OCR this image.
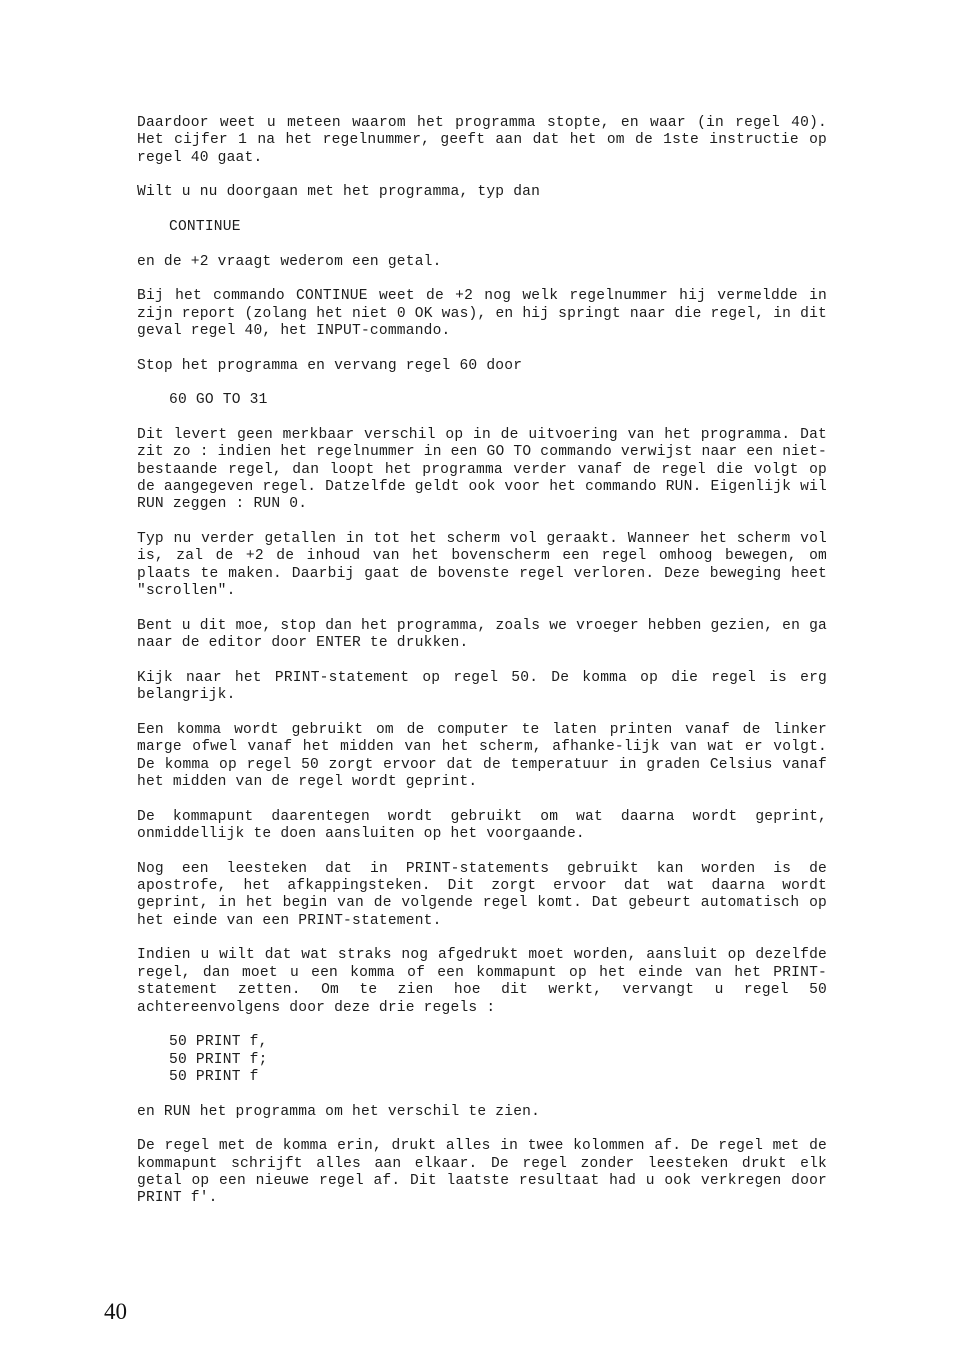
Daardoor weet u meteen waarom het programma stopte, en waar (in regel 40). Het cijfer 1 na het regelnummer, geeft aan dat het om de 1ste instructie op regel 40 gaat.

Wilt u nu doorgaan met het programma, typ dan

CONTINUE

en de +2 vraagt wederom een getal.

Bij het commando CONTINUE weet de +2 nog welk regelnummer hij vermeldde in zijn report (zolang het niet 0 OK was), en hij springt naar die regel, in dit geval regel 40, het INPUT-commando.

Stop het programma en vervang regel 60 door

60 GO TO 31

Dit levert geen merkbaar verschil op in de uitvoering van het programma. Dat zit zo : indien het regelnummer in een GO TO commando verwijst naar een niet-bestaande regel, dan loopt het programma verder vanaf de regel die volgt op de aangegeven regel. Datzelfde geldt ook voor het commando RUN. Eigenlijk wil RUN zeggen : RUN 0.

Typ nu verder getallen in tot het scherm vol geraakt. Wanneer het scherm vol is, zal de +2 de inhoud van het bovenscherm een regel omhoog bewegen, om plaats te maken. Daarbij gaat de bovenste regel verloren. Deze beweging heet "scrollen".

Bent u dit moe, stop dan het programma, zoals we vroeger hebben gezien, en ga naar de editor door ENTER te drukken.

Kijk naar het PRINT-statement op regel 50. De komma op die regel is erg belangrijk.

Een komma wordt gebruikt om de computer te laten printen vanaf de linker marge ofwel vanaf het midden van het scherm, afhanke-lijk van wat er volgt. De komma op regel 50 zorgt ervoor dat de temperatuur in graden Celsius vanaf het midden van de regel wordt geprint.

De kommapunt daarentegen wordt gebruikt om wat daarna wordt geprint, onmiddellijk te doen aansluiten op het voorgaande.

Nog een leesteken dat in PRINT-statements gebruikt kan worden is de apostrofe, het afkappingsteken. Dit zorgt ervoor dat wat daarna wordt geprint, in het begin van de volgende regel komt. Dat gebeurt automatisch op het einde van een PRINT-statement.

Indien u wilt dat wat straks nog afgedrukt moet worden, aansluit op dezelfde regel, dan moet u een komma of een kommapunt op het einde van het PRINT-statement zetten. Om te zien hoe dit werkt, vervangt u regel 50 achtereenvolgens door deze drie regels :

50 PRINT f,
50 PRINT f;
50 PRINT f

en RUN het programma om het verschil te zien.

De regel met de komma erin, drukt alles in twee kolommen af. De regel met de kommapunt schrijft alles aan elkaar. De regel zonder leesteken drukt elk getal op een nieuwe regel af. Dit laatste resultaat had u ook verkregen door PRINT f'.

40
